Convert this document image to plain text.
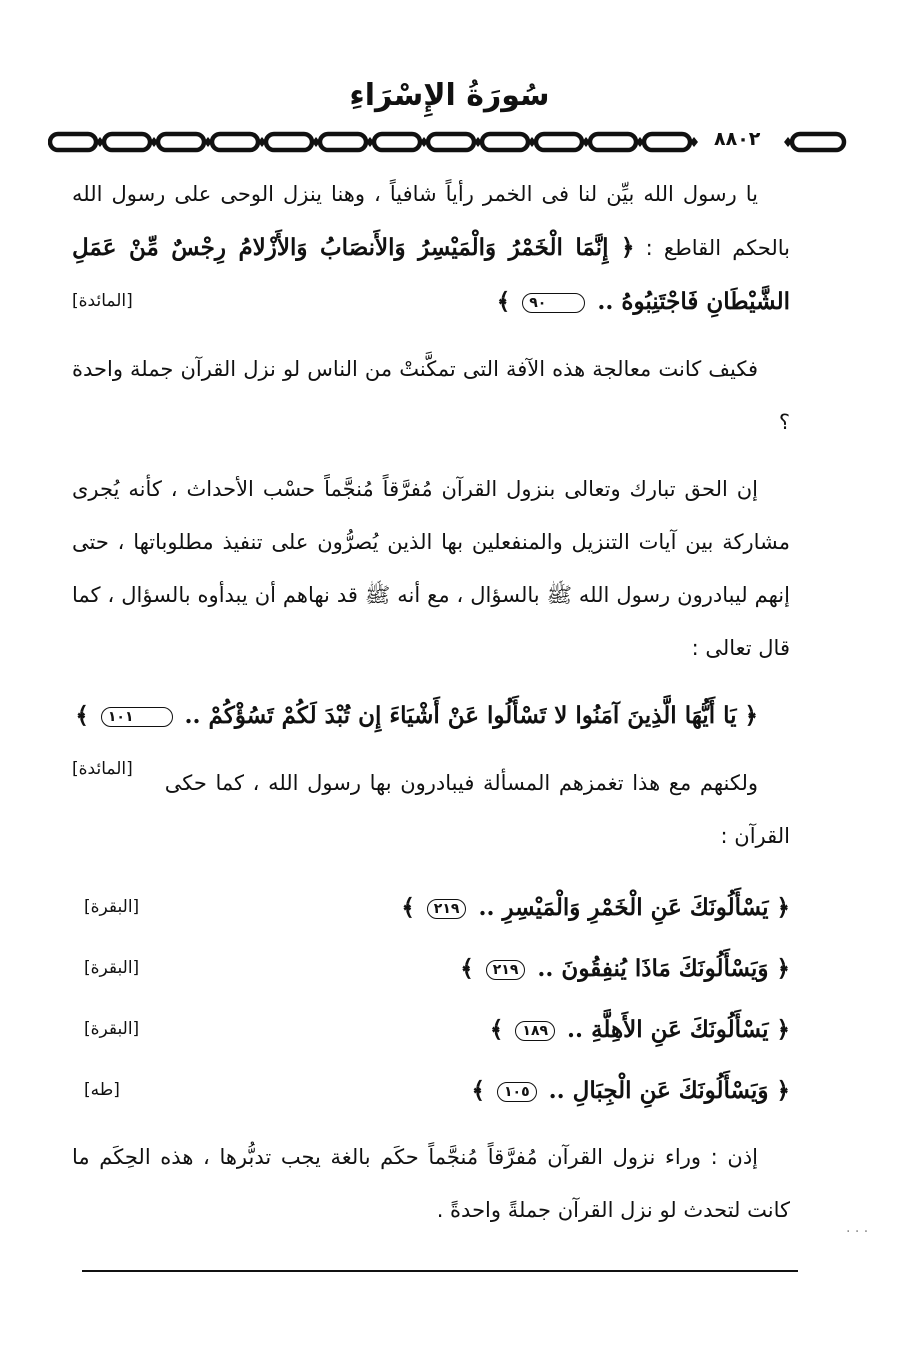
سُورَةُ الإِسْرَاءِ
٨٨٠٢

يا رسول الله بيِّن لنا فى الخمر رأياً شافياً ، وهنا ينزل الوحى على رسول الله بالحكم القاطع : ﴿ إِنَّمَا الْخَمْرُ وَالْمَيْسِرُ وَالأَنصَابُ وَالأَزْلامُ رِجْسٌ مِّنْ عَمَلِ الشَّيْطَانِ فَاجْتَنِبُوهُ .. ٩٠ ﴾
[المائدة]

فكيف كانت معالجة هذه الآفة التى تمكَّنتْ من الناس لو نزل القرآن جملة واحدة ؟

إن الحق تبارك وتعالى بنزول القرآن مُفرَّقاً مُنجَّماً حسْب الأحداث ، كأنه يُجرى مشاركة بين آيات التنزيل والمنفعلين بها الذين يُصرُّون على تنفيذ مطلوباتها ، حتى إنهم ليبادرون رسول الله ﷺ بالسؤال ، مع أنه ﷺ قد نهاهم أن يبدأوه بالسؤال ، كما قال تعالى :

﴿ يَا أَيُّهَا الَّذِينَ آمَنُوا لا تَسْأَلُوا عَنْ أَشْيَاءَ إِن تُبْدَ لَكُمْ تَسُؤْكُمْ .. ١٠١ ﴾
[المائدة]

ولكنهم مع هذا تغمزهم المسألة فيبادرون بها رسول الله ، كما حكى القرآن :

﴿ يَسْأَلُونَكَ عَنِ الْخَمْرِ وَالْمَيْسِرِ .. ٢١٩ ﴾
[البقرة]
﴿ وَيَسْأَلُونَكَ مَاذَا يُنفِقُونَ .. ٢١٩ ﴾
[البقرة]
﴿ يَسْأَلُونَكَ عَنِ الأَهِلَّةِ .. ١٨٩ ﴾
[البقرة]
﴿ وَيَسْأَلُونَكَ عَنِ الْجِبَالِ .. ١٠٥ ﴾
[طه]

إذن : وراء نزول القرآن مُفرَّقاً مُنجَّماً حكَم بالغة يجب تدبُّرها ، هذه الحِكَم ما كانت لتحدث لو نزل القرآن جملةً واحدةً .

· · ·
